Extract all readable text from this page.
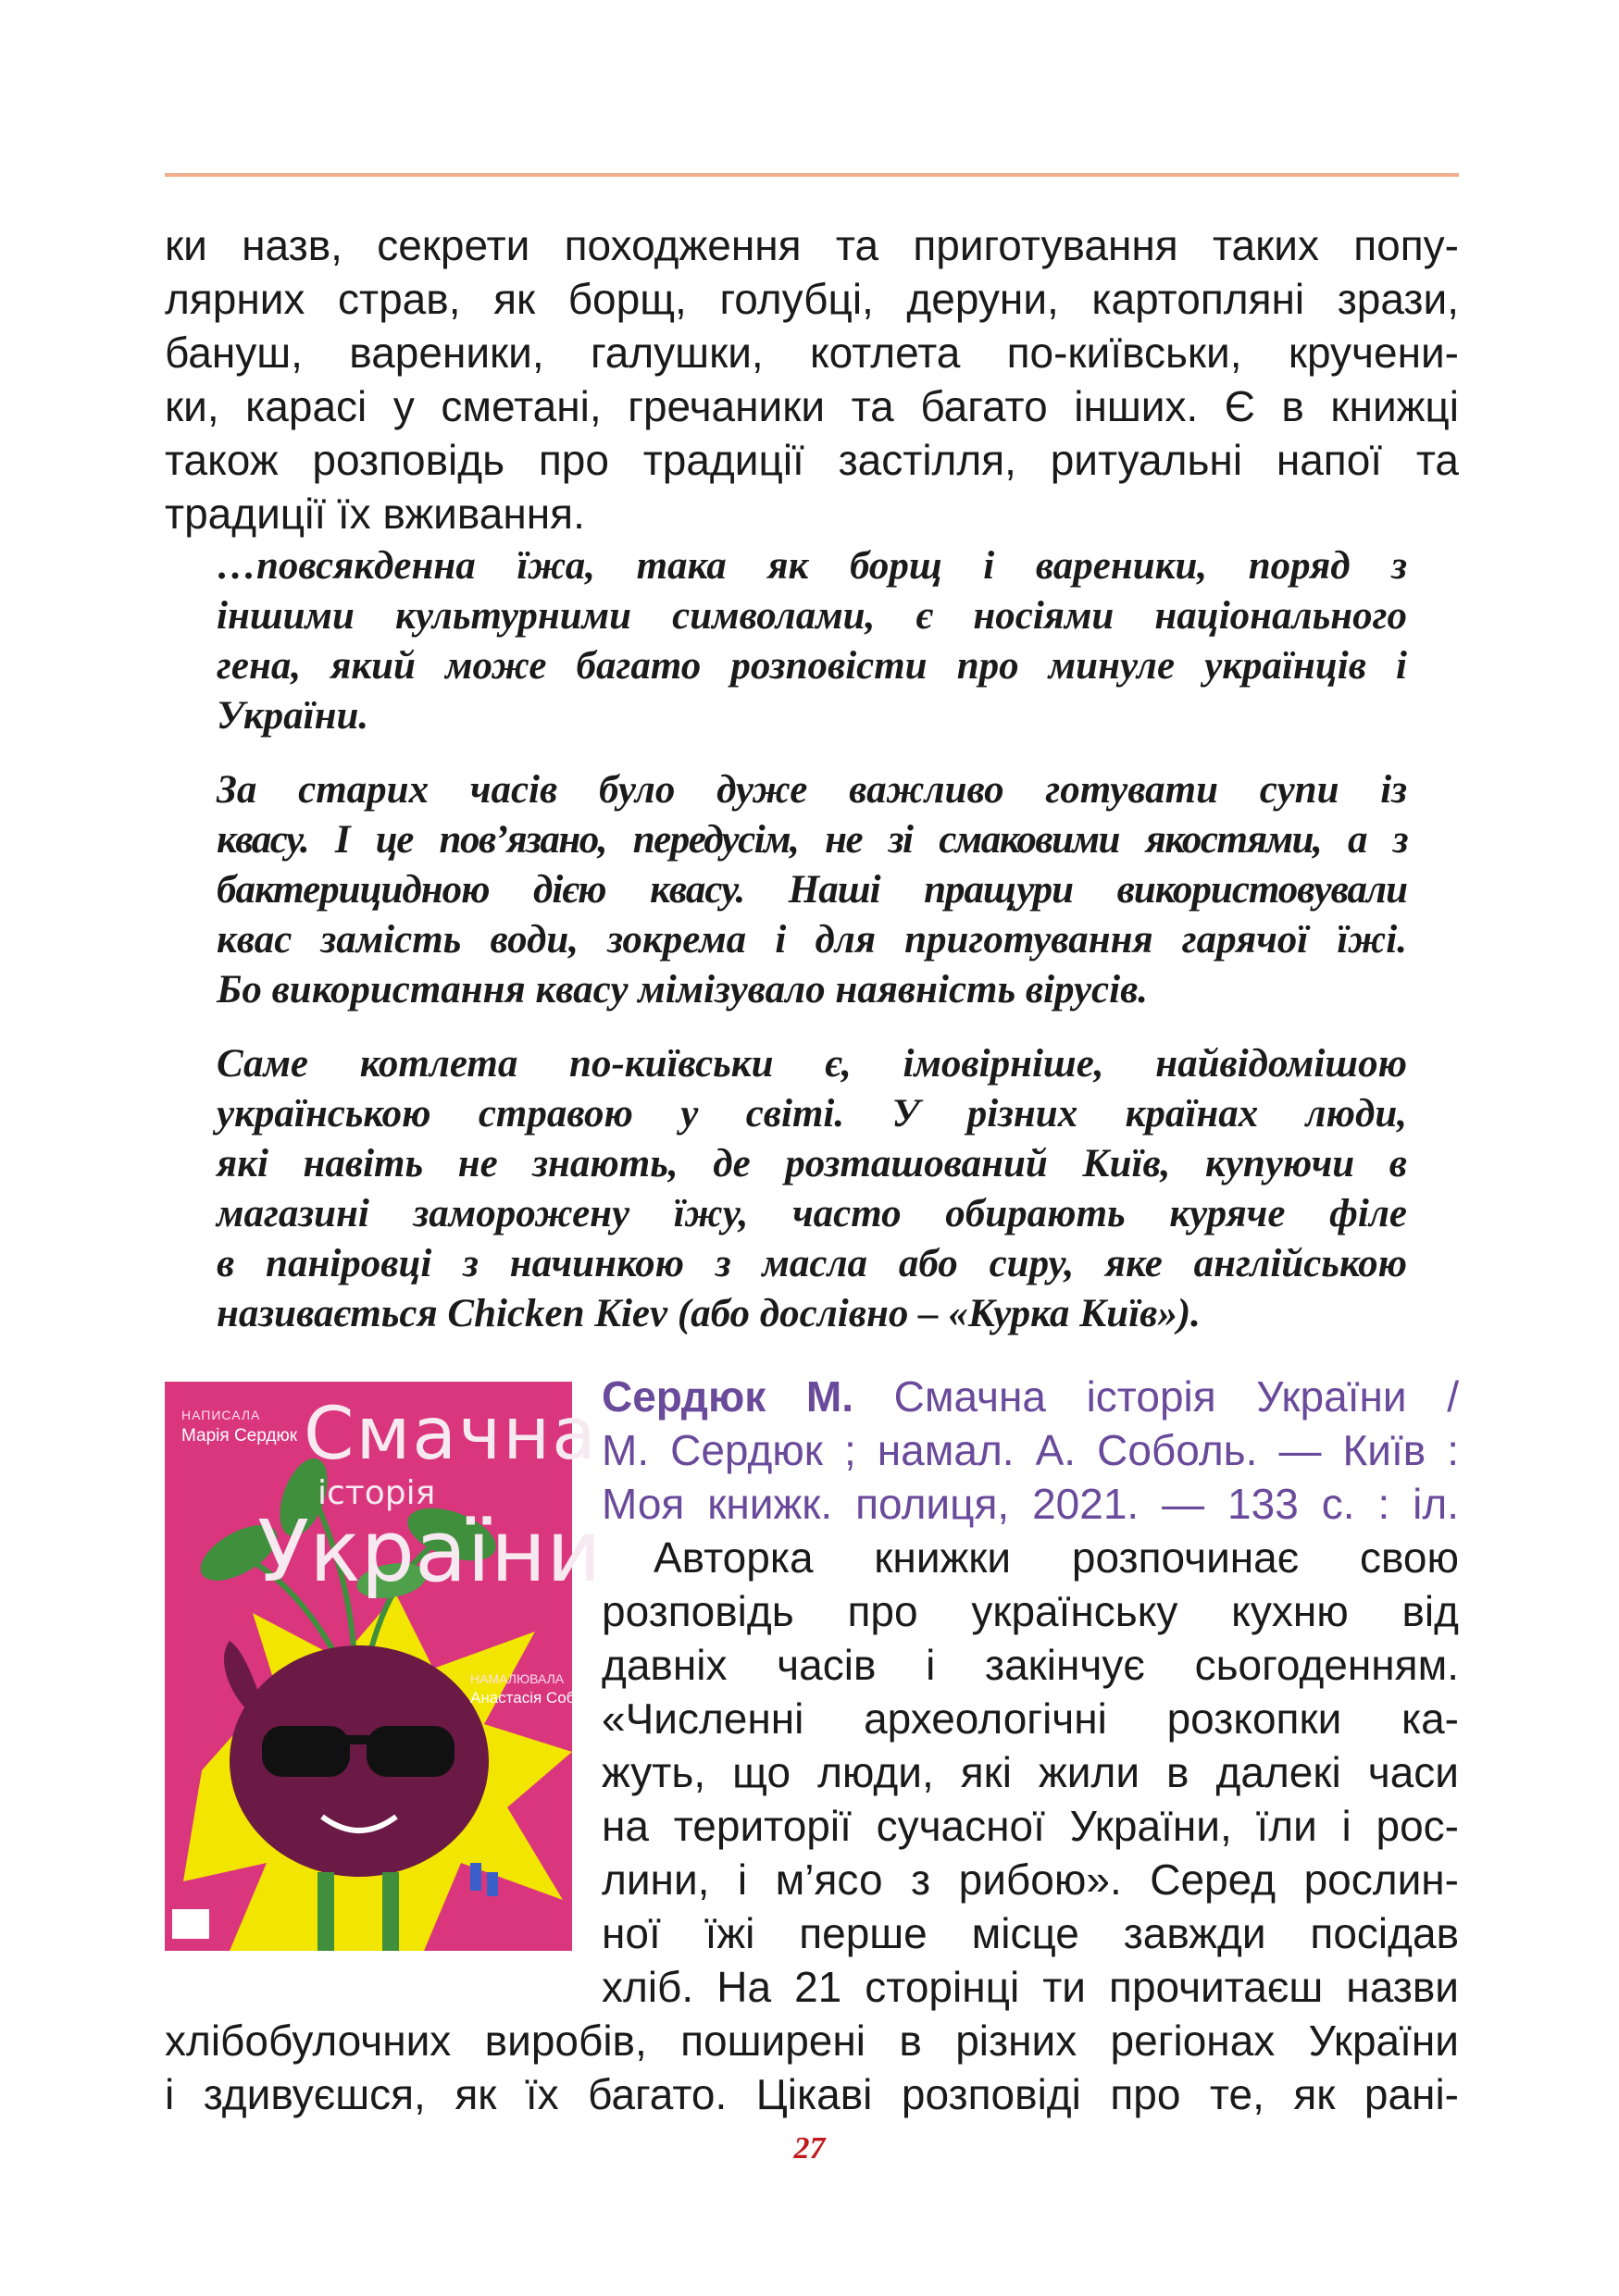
ки назв, секрети походження та приготування таких попу-
лярних страв, як борщ, голубці, деруни, картопляні зрази,
бануш, вареники, галушки, котлета по-київськи, кручени-
ки, карасі у сметані, гречаники та багато інших. Є в книжці
також розповідь про традиції застілля, ритуальні напої та
традиції їх вживання.
…повсякденна їжа, така як борщ і вареники, поряд з
іншими культурними символами, є носіями національного
гена, який може багато розповісти про минуле українців і
України.
За старих часів було дуже важливо готувати супи із
квасу. І це пов’язано, передусім, не зі смаковими якостями, а з
бактерицидною дією квасу. Наші пращури використовували
квас замість води, зокрема і для приготування гарячої їжі.
Бо використання квасу мімізувало наявність вірусів.
Саме котлета по-київськи є, імовірніше, найвідомішою
українською стравою у світі. У різних країнах люди,
які навіть не знають, де розташований Київ, купуючи в
магазині заморожену їжу, часто обирають куряче філе
в паніровці з начинкою з масла або сиру, яке англійською
називається Chicken Kiev (або дослівно – «Курка Київ»).
НАПИСАЛА
Марія Сердюк Смачна
історія
України
НАМАЛЮВАЛА
Анастасія Соболь
Сердюк М. Смачна історія України /
М. Сердюк ; намал. А. Соболь. — Київ :
Моя книжк. полиця, 2021. — 133 с. : іл.
Авторка книжки розпочинає свою
розповідь про українську кухню від
давніх часів і закінчує сьогоденням.
«Численні археологічні розкопки ка-
жуть, що люди, які жили в далекі часи
на території сучасної України, їли і рос-
лини, і м’ясо з рибою». Серед рослин-
ної їжі перше місце завжди посідав
хліб. На 21 сторінці ти прочитаєш назви
хлібобулочних виробів, поширені в різних регіонах України
і здивуєшся, як їх багато. Цікаві розповіді про те, як рані-
27
